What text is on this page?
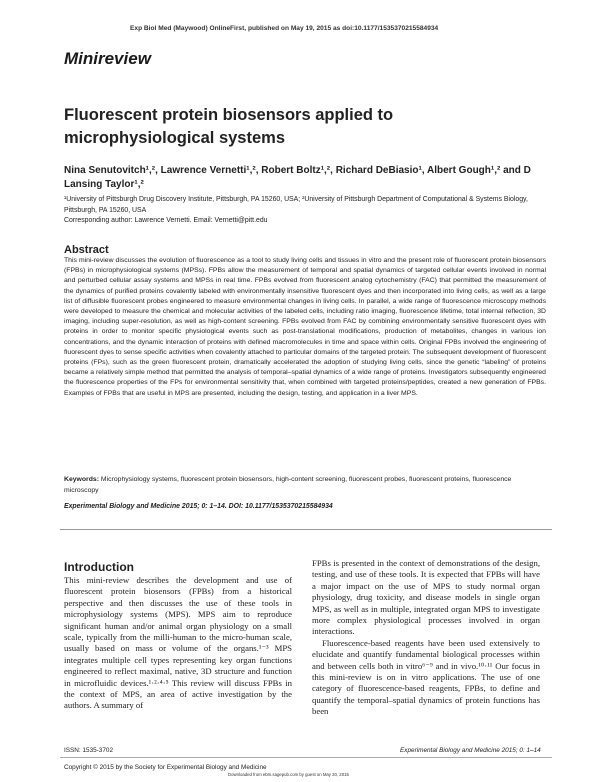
Exp Biol Med (Maywood) OnlineFirst, published on May 19, 2015 as doi:10.1177/1535370215584934
Minireview
Fluorescent protein biosensors applied to microphysiological systems
Nina Senutovitch¹,², Lawrence Vernetti¹,², Robert Boltz¹,², Richard DeBiasio¹, Albert Gough¹,² and D Lansing Taylor¹,²
¹University of Pittsburgh Drug Discovery Institute, Pittsburgh, PA 15260, USA; ²University of Pittsburgh Department of Computational & Systems Biology, Pittsburgh, PA 15260, USA
Corresponding author: Lawrence Vernetti. Email: Vernetti@pitt.edu
Abstract
This mini-review discusses the evolution of fluorescence as a tool to study living cells and tissues in vitro and the present role of fluorescent protein biosensors (FPBs) in microphysiological systems (MPSs). FPBs allow the measurement of temporal and spatial dynamics of targeted cellular events involved in normal and perturbed cellular assay systems and MPSs in real time. FPBs evolved from fluorescent analog cytochemistry (FAC) that permitted the measurement of the dynamics of purified proteins covalently labeled with environmentally insensitive fluorescent dyes and then incorporated into living cells, as well as a large list of diffusible fluorescent probes engineered to measure environmental changes in living cells. In parallel, a wide range of fluorescence microscopy methods were developed to measure the chemical and molecular activities of the labeled cells, including ratio imaging, fluorescence lifetime, total internal reflection, 3D imaging, including super-resolution, as well as high-content screening. FPBs evolved from FAC by combining environmentally sensitive fluorescent dyes with proteins in order to monitor specific physiological events such as post-translational modifications, production of metabolites, changes in various ion concentrations, and the dynamic interaction of proteins with defined macromolecules in time and space within cells. Original FPBs involved the engineering of fluorescent dyes to sense specific activities when covalently attached to particular domains of the targeted protein. The subsequent development of fluorescent proteins (FPs), such as the green fluorescent protein, dramatically accelerated the adoption of studying living cells, since the genetic “labeling” of proteins became a relatively simple method that permitted the analysis of temporal–spatial dynamics of a wide range of proteins. Investigators subsequently engineered the fluorescence properties of the FPs for environmental sensitivity that, when combined with targeted proteins/peptides, created a new generation of FPBs. Examples of FPBs that are useful in MPS are presented, including the design, testing, and application in a liver MPS.
Keywords: Microphysiology systems, fluorescent protein biosensors, high-content screening, fluorescent probes, fluorescent proteins, fluorescence microscopy
Experimental Biology and Medicine 2015; 0: 1–14. DOI: 10.1177/1535370215584934
Introduction

This mini-review describes the development and use of fluorescent protein biosensors (FPBs) from a historical perspective and then discusses the use of these tools in microphysiology systems (MPS). MPS aim to reproduce significant human and/or animal organ physiology on a small scale, typically from the milli-human to the micro-human scale, usually based on mass or volume of the organs.¹⁻³ MPS integrates multiple cell types representing key organ functions engineered to reflect maximal, native, 3D structure and function in microfluidic devices.¹·²·⁴·⁵ This review will discuss FPBs in the context of MPS, an area of active investigation by the authors. A summary of

FPBs is presented in the context of demonstrations of the design, testing, and use of these tools. It is expected that FPBs will have a major impact on the use of MPS to study normal organ physiology, drug toxicity, and disease models in single organ MPS, as well as in multiple, integrated organ MPS to investigate more complex physiological processes involved in organ interactions.

Fluorescence-based reagents have been used extensively to elucidate and quantify fundamental biological processes within and between cells both in vitro⁶⁻⁹ and in vivo.¹⁰·¹¹ Our focus in this mini-review is on in vitro applications. The use of one category of fluorescence-based reagents, FPBs, to define and quantify the temporal–spatial dynamics of protein functions has been

ISSN: 1535-3702	Experimental Biology and Medicine 2015; 0: 1–14
Copyright © 2015 by the Society for Experimental Biology and Medicine
Downloaded from ebm.sagepub.com by guest on May 20, 2015
